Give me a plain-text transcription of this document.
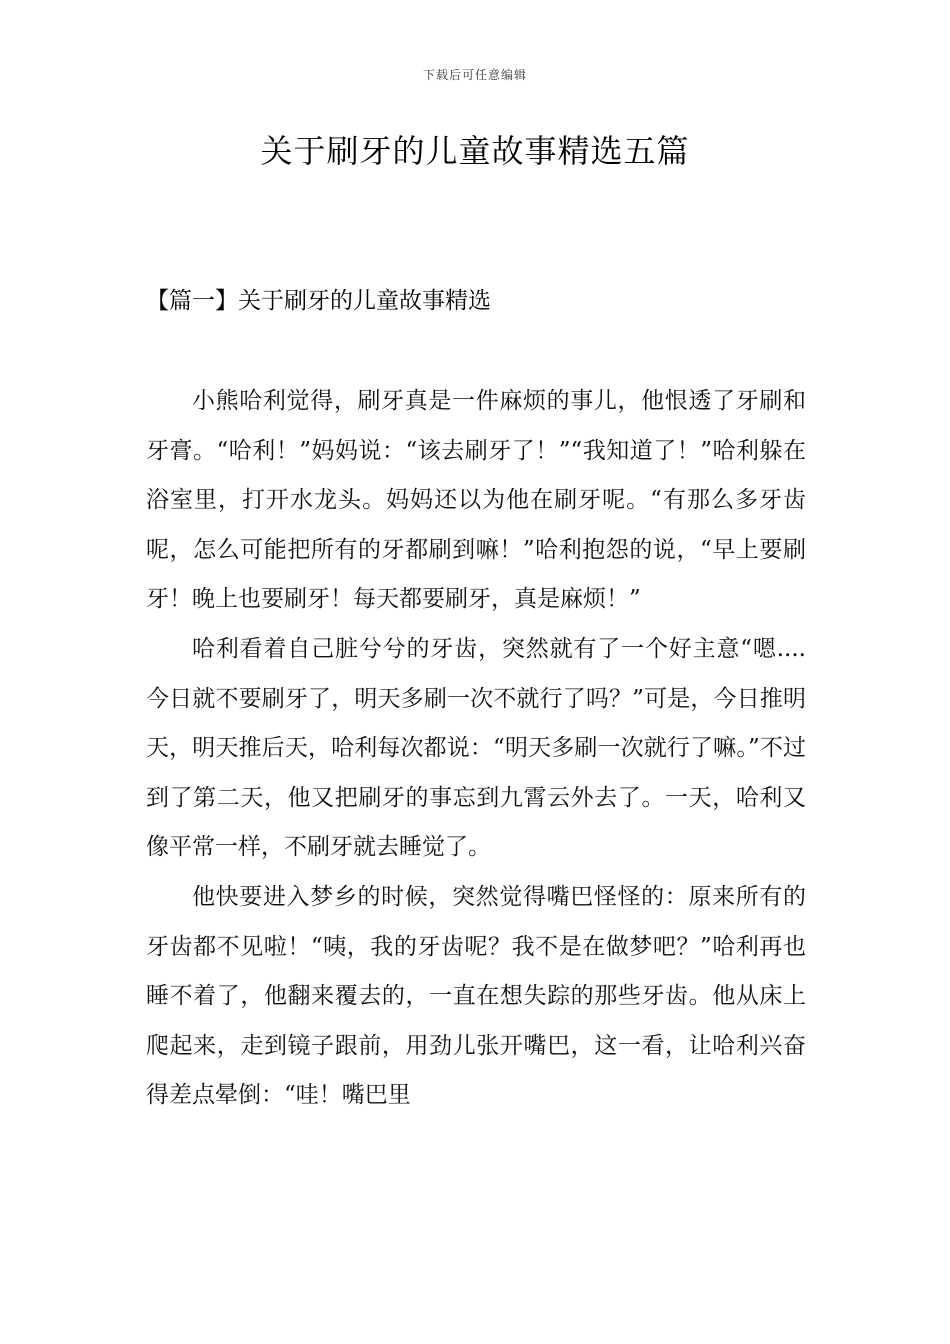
下载后可任意编辑
关于刷牙的儿童故事精选五篇
【篇一】关于刷牙的儿童故事精选

小熊哈利觉得，刷牙真是一件麻烦的事儿，他恨透了牙刷和牙膏。“哈利！”妈妈说：“该去刷牙了！”“我知道了！”哈利躲在浴室里，打开水龙头。妈妈还以为他在刷牙呢。“有那么多牙齿呢，怎么可能把所有的牙都刷到嘛！”哈利抱怨的说，“早上要刷牙！晚上也要刷牙！每天都要刷牙，真是麻烦！”

哈利看着自己脏兮兮的牙齿，突然就有了一个好主意“嗯....今日就不要刷牙了，明天多刷一次不就行了吗？”可是，今日推明天，明天推后天，哈利每次都说：“明天多刷一次就行了嘛。”不过到了第二天，他又把刷牙的事忘到九霄云外去了。一天，哈利又像平常一样，不刷牙就去睡觉了。

他快要进入梦乡的时候，突然觉得嘴巴怪怪的：原来所有的牙齿都不见啦！“咦，我的牙齿呢？我不是在做梦吧？”哈利再也睡不着了，他翻来覆去的，一直在想失踪的那些牙齿。他从床上爬起来，走到镜子跟前，用劲儿张开嘴巴，这一看，让哈利兴奋得差点晕倒：“哇！嘴巴里
